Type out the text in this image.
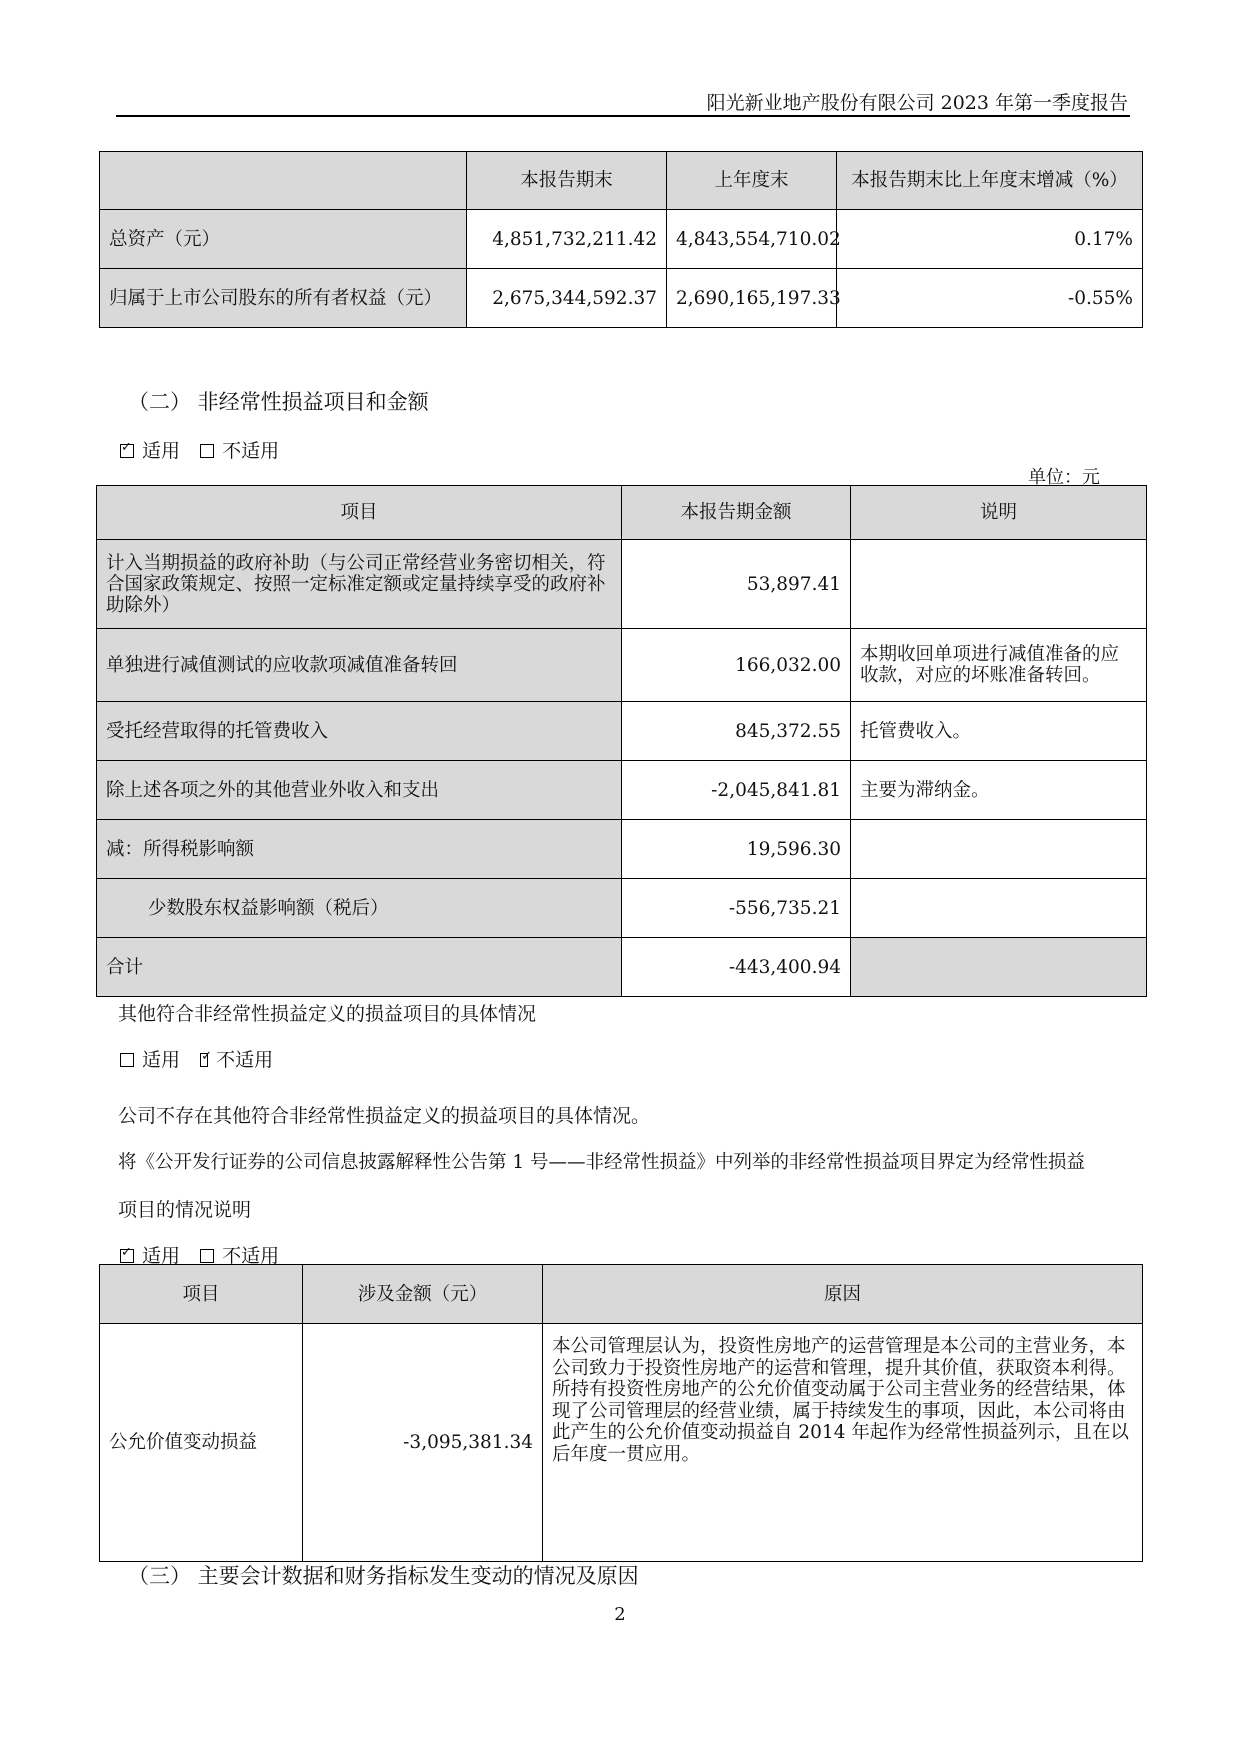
阳光新业地产股份有限公司 2023 年第一季度报告
	本报告期末	上年度末	本报告期末比上年度末增减（%）
总资产（元）	4,851,732,211.42	4,843,554,710.02	0.17%
归属于上市公司股东的所有者权益（元）	2,675,344,592.37	2,690,165,197.33	-0.55%
（二） 非经常性损益项目和金额
✓适用 不适用
单位：元
项目	本报告期金额	说明
计入当期损益的政府补助（与公司正常经营业务密切相关，符合国家政策规定、按照一定标准定额或定量持续享受的政府补助除外）	53,897.41	
单独进行减值测试的应收款项减值准备转回	166,032.00	本期收回单项进行减值准备的应收款，对应的坏账准备转回。
受托经营取得的托管费收入	845,372.55	托管费收入。
除上述各项之外的其他营业外收入和支出	-2,045,841.81	主要为滞纳金。
减：所得税影响额	19,596.30	
少数股东权益影响额（税后）	-556,735.21	
合计	-443,400.94	
其他符合非经常性损益定义的损益项目的具体情况
适用 ✓ 不适用
公司不存在其他符合非经常性损益定义的损益项目的具体情况。
将《公开发行证券的公司信息披露解释性公告第 1 号——非经常性损益》中列举的非经常性损益项目界定为经常性损益
项目的情况说明
✓适用 不适用
项目	涉及金额（元）	原因
公允价值变动损益	-3,095,381.34	本公司管理层认为，投资性房地产的运营管理是本公司的主营业务，本公司致力于投资性房地产的运营和管理，提升其价值，获取资本利得。所持有投资性房地产的公允价值变动属于公司主营业务的经营结果，体现了公司管理层的经营业绩，属于持续发生的事项，因此，本公司将由此产生的公允价值变动损益自 2014 年起作为经常性损益列示，且在以后年度一贯应用。
（三） 主要会计数据和财务指标发生变动的情况及原因
2
